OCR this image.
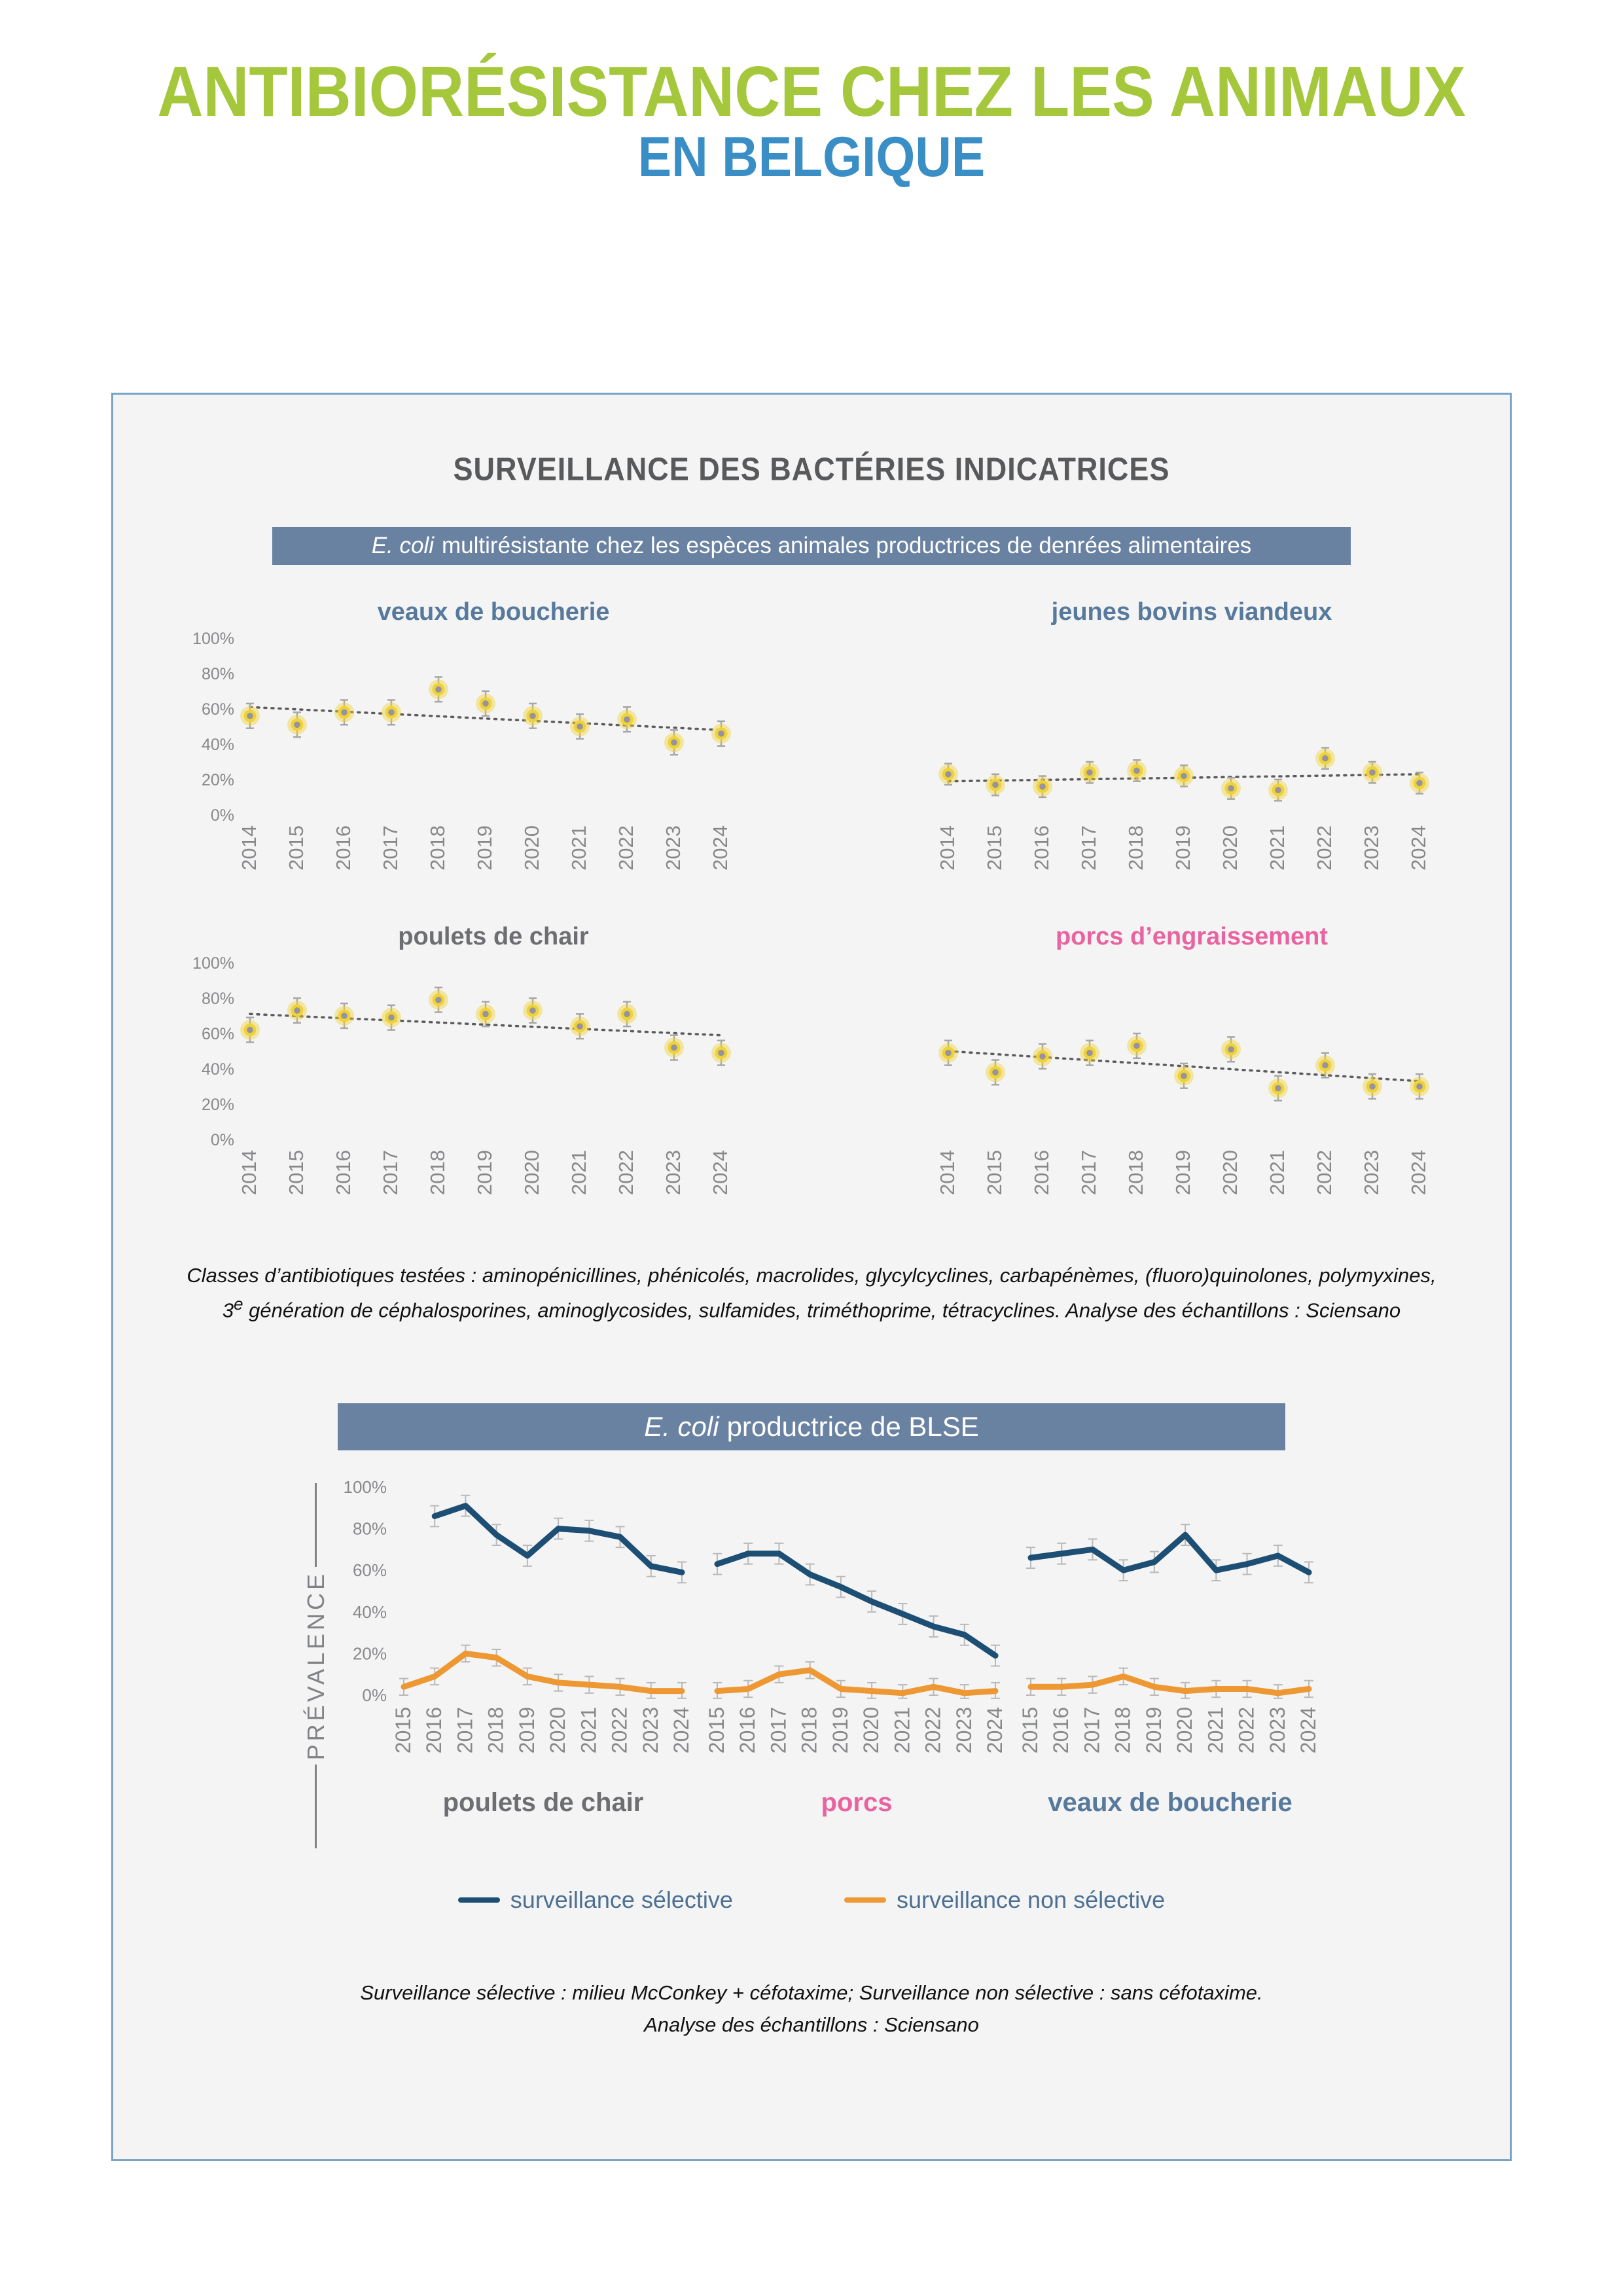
ANTIBIORÉSISTANCE CHEZ LES ANIMAUX
EN BELGIQUE
SURVEILLANCE DES BACTÉRIES INDICATRICES
E. coli multirésistante chez les espèces animales productrices de denrées alimentaires
veaux de boucherie
0%
20%
40%
60%
80%
100%
2014 2015 2016 2017 2018 2019 2020 2021 2022 2023 2024
jeunes bovins viandeux
2014 2015 2016 2017 2018 2019 2020 2021 2022 2023 2024
poulets de chair
0%
20%
40%
60%
80%
100%
2014 2015 2016 2017 2018 2019 2020 2021 2022 2023 2024
porcs d’engraissement
2014 2015 2016 2017 2018 2019 2020 2021 2022 2023 2024
Classes d’antibiotiques testées : aminopénicillines, phénicolés, macrolides, glycylcyclines, carbapénèmes, (fluoro)quinolones, polymyxines,
3e génération de céphalosporines, aminoglycosides, sulfamides, triméthoprime, tétracyclines. Analyse des échantillons : Sciensano
E. coli productrice de BLSE
PRÉVALENCE 0%
20%
40%
60%
80%
100%
2015 2016 2017 2018 2019 2020 2021 2022 2023 2024
poulets de chair
2015 2016 2017 2018 2019 2020 2021 2022 2023 2024
porcs
2015 2016 2017 2018 2019 2020 2021 2022 2023 2024
veaux de boucherie
surveillance sélective	surveillance non sélective
Surveillance sélective : milieu McConkey + céfotaxime; Surveillance non sélective : sans céfotaxime.
Analyse des échantillons : Sciensano
